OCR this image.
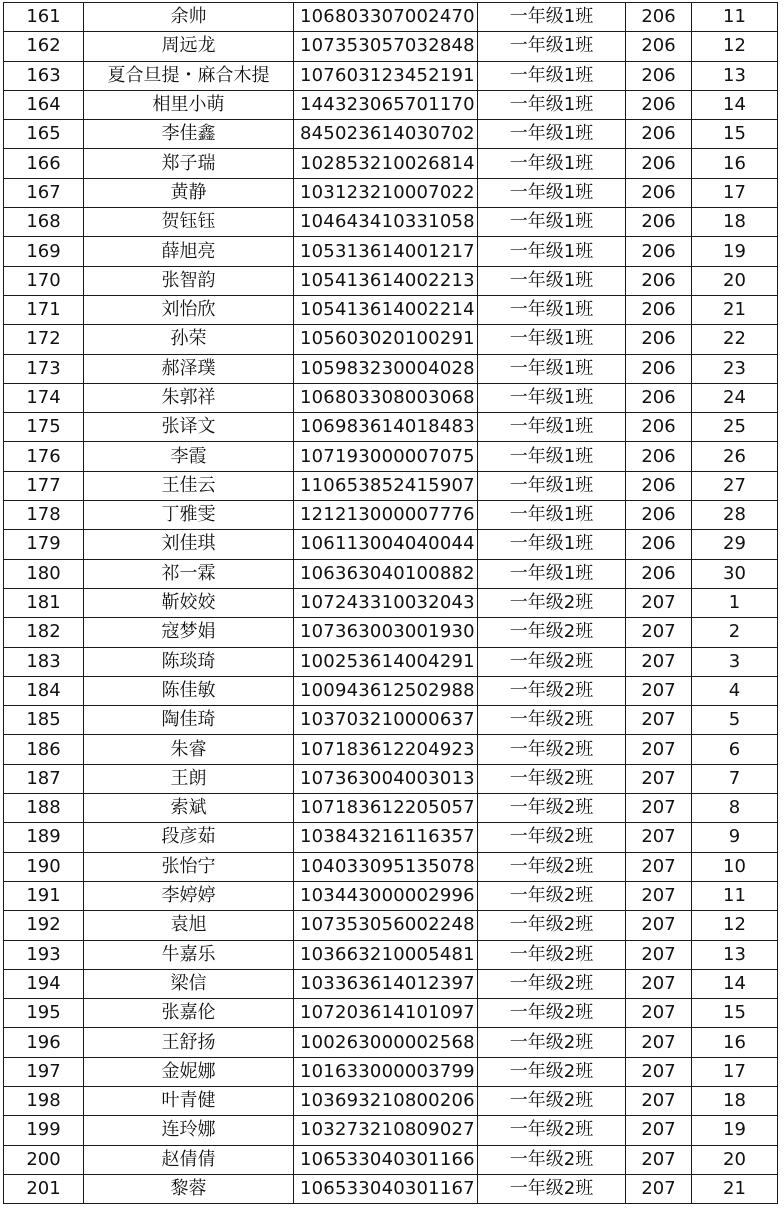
161	余帅	106803307002470	一年级1班	206	11
162	周远龙	107353057032848	一年级1班	206	12
163	夏合旦提・麻合木提	107603123452191	一年级1班	206	13
164	相里小萌	144323065701170	一年级1班	206	14
165	李佳鑫	845023614030702	一年级1班	206	15
166	郑子瑞	102853210026814	一年级1班	206	16
167	黄静	103123210007022	一年级1班	206	17
168	贺钰钰	104643410331058	一年级1班	206	18
169	薛旭亮	105313614001217	一年级1班	206	19
170	张智韵	105413614002213	一年级1班	206	20
171	刘怡欣	105413614002214	一年级1班	206	21
172	孙荣	105603020100291	一年级1班	206	22
173	郝泽璞	105983230004028	一年级1班	206	23
174	朱郭祥	106803308003068	一年级1班	206	24
175	张译文	106983614018483	一年级1班	206	25
176	李霞	107193000007075	一年级1班	206	26
177	王佳云	110653852415907	一年级1班	206	27
178	丁雅雯	121213000007776	一年级1班	206	28
179	刘佳琪	106113004040044	一年级1班	206	29
180	祁一霖	106363040100882	一年级1班	206	30
181	靳姣姣	107243310032043	一年级2班	207	1
182	寇梦娟	107363003001930	一年级2班	207	2
183	陈琰琦	100253614004291	一年级2班	207	3
184	陈佳敏	100943612502988	一年级2班	207	4
185	陶佳琦	103703210000637	一年级2班	207	5
186	朱睿	107183612204923	一年级2班	207	6
187	王朗	107363004003013	一年级2班	207	7
188	索斌	107183612205057	一年级2班	207	8
189	段彦茹	103843216116357	一年级2班	207	9
190	张怡宁	104033095135078	一年级2班	207	10
191	李婷婷	103443000002996	一年级2班	207	11
192	袁旭	107353056002248	一年级2班	207	12
193	牛嘉乐	103663210005481	一年级2班	207	13
194	梁信	103363614012397	一年级2班	207	14
195	张嘉伦	107203614101097	一年级2班	207	15
196	王舒扬	100263000002568	一年级2班	207	16
197	金妮娜	101633000003799	一年级2班	207	17
198	叶青健	103693210800206	一年级2班	207	18
199	连玲娜	103273210809027	一年级2班	207	19
200	赵倩倩	106533040301166	一年级2班	207	20
201	黎蓉	106533040301167	一年级2班	207	21
